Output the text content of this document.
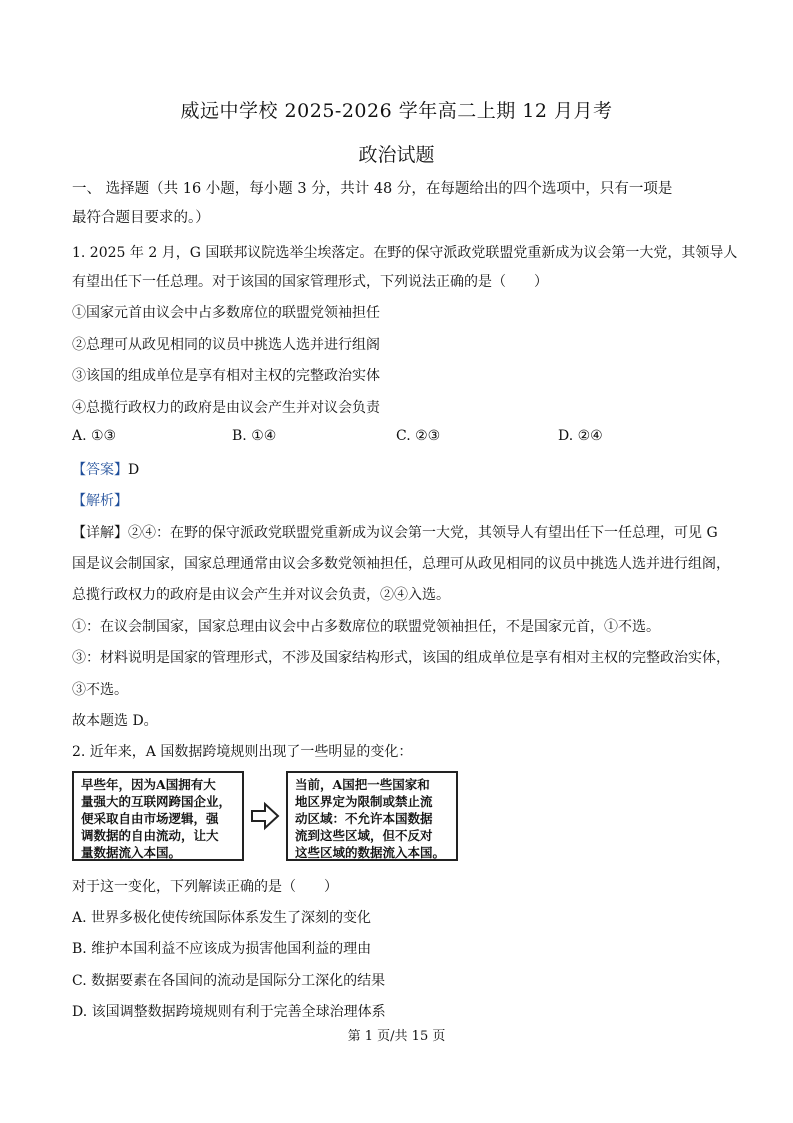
威远中学校 2025-2026 学年高二上期 12 月月考
政治试题
一、 选择题（共 16 小题，每小题 3 分，共计 48 分，在每题给出的四个选项中，只有一项是
最符合题目要求的。）
1. 2025 年 2 月，G 国联邦议院选举尘埃落定。在野的保守派政党联盟党重新成为议会第一大党，其领导人
有望出任下一任总理。对于该国的国家管理形式，下列说法正确的是（　　）
①国家元首由议会中占多数席位的联盟党领袖担任
②总理可从政见相同的议员中挑选人选并进行组阁
③该国的组成单位是享有相对主权的完整政治实体
④总揽行政权力的政府是由议会产生并对议会负责
A. ①③	B. ①④	C. ②③	D. ②④
【答案】D
【解析】
【详解】②④：在野的保守派政党联盟党重新成为议会第一大党，其领导人有望出任下一任总理，可见 G
国是议会制国家，国家总理通常由议会多数党领袖担任，总理可从政见相同的议员中挑选人选并进行组阁，
总揽行政权力的政府是由议会产生并对议会负责，②④入选。
①：在议会制国家，国家总理由议会中占多数席位的联盟党领袖担任，不是国家元首，①不选。
③：材料说明是国家的管理形式，不涉及国家结构形式，该国的组成单位是享有相对主权的完整政治实体，
③不选。
故本题选 D。
2. 近年来，A 国数据跨境规则出现了一些明显的变化：
早些年，因为A国拥有大
量强大的互联网跨国企业，
便采取自由市场逻辑，强
调数据的自由流动，让大
量数据流入本国。
当前，A国把一些国家和
地区界定为限制或禁止流
动区域：不允许本国数据
流到这些区域，但不反对
这些区域的数据流入本国。
对于这一变化，下列解读正确的是（　　）
A. 世界多极化使传统国际体系发生了深刻的变化
B. 维护本国利益不应该成为损害他国利益的理由
C. 数据要素在各国间的流动是国际分工深化的结果
D. 该国调整数据跨境规则有利于完善全球治理体系
第 1 页/共 15 页
